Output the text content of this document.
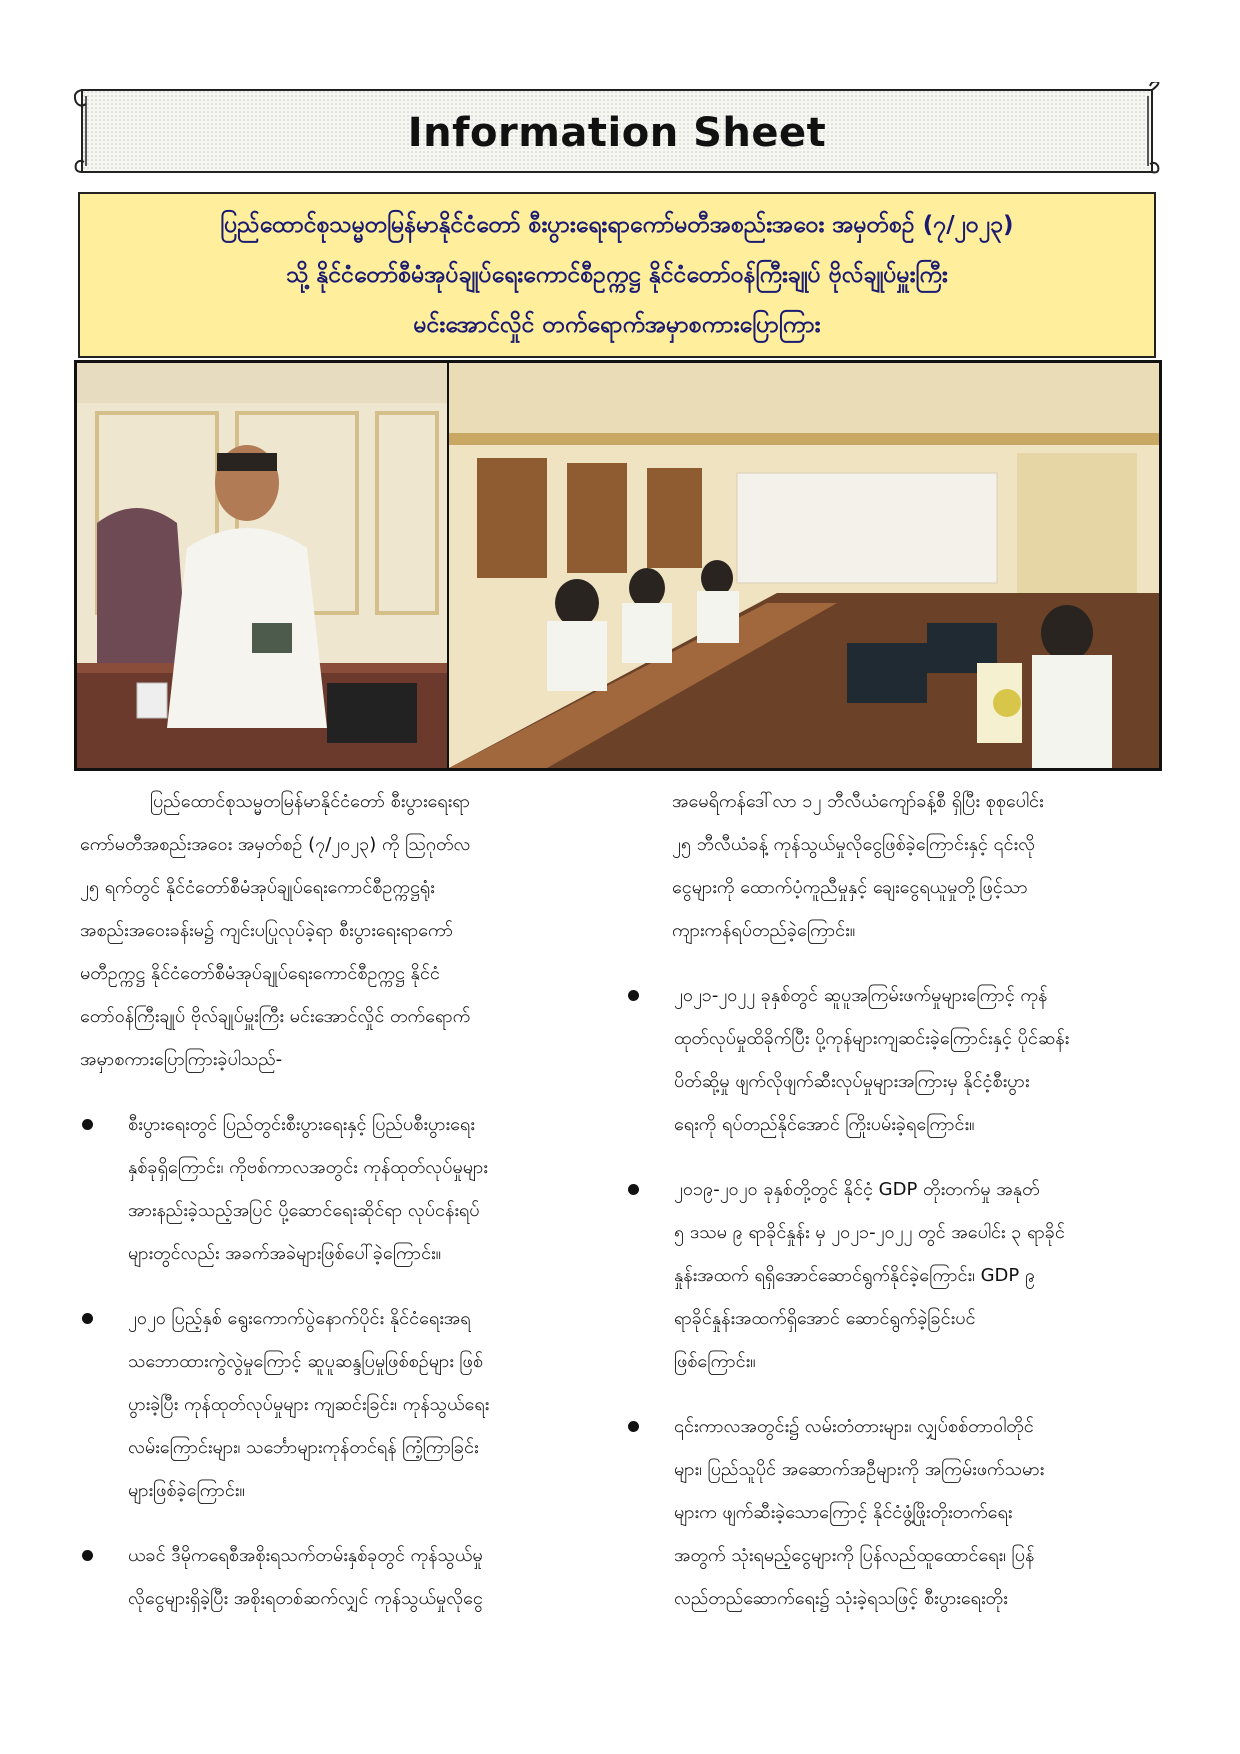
Information Sheet
ပြည်ထောင်စုသမ္မတမြန်မာနိုင်ငံတော် စီးပွားရေးရာကော်မတီအစည်းအဝေး အမှတ်စဉ် (၇/၂၀၂၃)
သို့ နိုင်ငံတော်စီမံအုပ်ချုပ်ရေးကောင်စီဥက္ကဋ္ဌ နိုင်ငံတော်ဝန်ကြီးချုပ် ဗိုလ်ချုပ်မှူးကြီး
မင်းအောင်လှိုင် တက်ရောက်အမှာစကားပြောကြား
ပြည်ထောင်စုသမ္မတမြန်မာနိုင်ငံတော် စီးပွားရေးရာ
ကော်မတီအစည်းအဝေး အမှတ်စဉ် (၇/၂၀၂၃) ကို ဩဂုတ်လ
၂၅ ရက်တွင် နိုင်ငံတော်စီမံအုပ်ချုပ်ရေးကောင်စီဥက္ကဋ္ဌရုံး
အစည်းအဝေးခန်းမ၌ ကျင်းပပြုလုပ်ခဲ့ရာ စီးပွားရေးရာကော်
မတီဥက္ကဋ္ဌ နိုင်ငံတော်စီမံအုပ်ချုပ်ရေးကောင်စီဥက္ကဋ္ဌ နိုင်ငံ
တော်ဝန်ကြီးချုပ် ဗိုလ်ချုပ်မှူးကြီး မင်းအောင်လှိုင် တက်ရောက်
အမှာစကားပြောကြားခဲ့ပါသည်-
စီးပွားရေးတွင် ပြည်တွင်းစီးပွားရေးနှင့် ပြည်ပစီးပွားရေး
နှစ်ခုရှိကြောင်း၊ ကိုဗစ်ကာလအတွင်း ကုန်ထုတ်လုပ်မှုများ
အားနည်းခဲ့သည့်အပြင် ပို့ဆောင်ရေးဆိုင်ရာ လုပ်ငန်းရပ်
များတွင်လည်း အခက်အခဲများဖြစ်ပေါ်ခဲ့ကြောင်း။
၂၀၂၀ ပြည့်နှစ် ရွေးကောက်ပွဲနောက်ပိုင်း နိုင်ငံရေးအရ
သဘောထားကွဲလွဲမှုကြောင့် ဆူပူဆန္ဒပြမှုဖြစ်စဉ်များ ဖြစ်
ပွားခဲ့ပြီး ကုန်ထုတ်လုပ်မှုများ ကျဆင်းခြင်း၊ ကုန်သွယ်ရေး
လမ်းကြောင်းများ၊ သင်္ဘောများကုန်တင်ရန် ကြံ့ကြာခြင်း
များဖြစ်ခဲ့ကြောင်း။
ယခင် ဒီမိုကရေစီအစိုးရသက်တမ်းနှစ်ခုတွင် ကုန်သွယ်မှု
လိုငွေများရှိခဲ့ပြီး အစိုးရတစ်ဆက်လျှင် ကုန်သွယ်မှုလိုငွေ
အမေရိကန်ဒေါ်လာ ၁၂ ဘီလီယံကျော်ခန့်စီ ရှိပြီး စုစုပေါင်း
၂၅ ဘီလီယံခန့် ကုန်သွယ်မှုလိုငွေဖြစ်ခဲ့ကြောင်းနှင့် ၎င်းလို
ငွေများကို ထောက်ပံ့ကူညီမှုနှင့် ချေးငွေရယူမှုတို့ဖြင့်သာ
ကျားကန်ရပ်တည်ခဲ့ကြောင်း။
၂၀၂၁-၂၀၂၂ ခုနှစ်တွင် ဆူပူအကြမ်းဖက်မှုများကြောင့် ကုန်
ထုတ်လုပ်မှုထိခိုက်ပြီး ပို့ကုန်များကျဆင်းခဲ့ကြောင်းနှင့် ပိုင်ဆန်း
ပိတ်ဆို့မှု ဖျက်လိုဖျက်ဆီးလုပ်မှုများအကြားမှ နိုင်ငံ့စီးပွား
ရေးကို ရပ်တည်နိုင်အောင် ကြိုးပမ်းခဲ့ရကြောင်း။
၂၀၁၉-၂၀၂၀ ခုနှစ်တို့တွင် နိုင်ငံ့ GDP တိုးတက်မှု အနုတ်
၅ ဒသမ ၉ ရာခိုင်နှုန်း မှ ၂၀၂၁-၂၀၂၂ တွင် အပေါင်း ၃ ရာခိုင်
နှုန်းအထက် ရရှိအောင်ဆောင်ရွက်နိုင်ခဲ့ကြောင်း၊ GDP ၉
ရာခိုင်နှုန်းအထက်ရှိအောင် ဆောင်ရွက်ခဲ့ခြင်းပင်
ဖြစ်ကြောင်း။
၎င်းကာလအတွင်း၌ လမ်းတံတားများ၊ လျှပ်စစ်တာဝါတိုင်
များ၊ ပြည်သူပိုင် အဆောက်အဦများကို အကြမ်းဖက်သမား
များက ဖျက်ဆီးခဲ့သောကြောင့် နိုင်ငံဖွံ့ဖြိုးတိုးတက်ရေး
အတွက် သုံးရမည့်ငွေများကို ပြန်လည်ထူထောင်ရေး၊ ပြန်
လည်တည်ဆောက်ရေး၌ သုံးခဲ့ရသဖြင့် စီးပွားရေးတိုး
